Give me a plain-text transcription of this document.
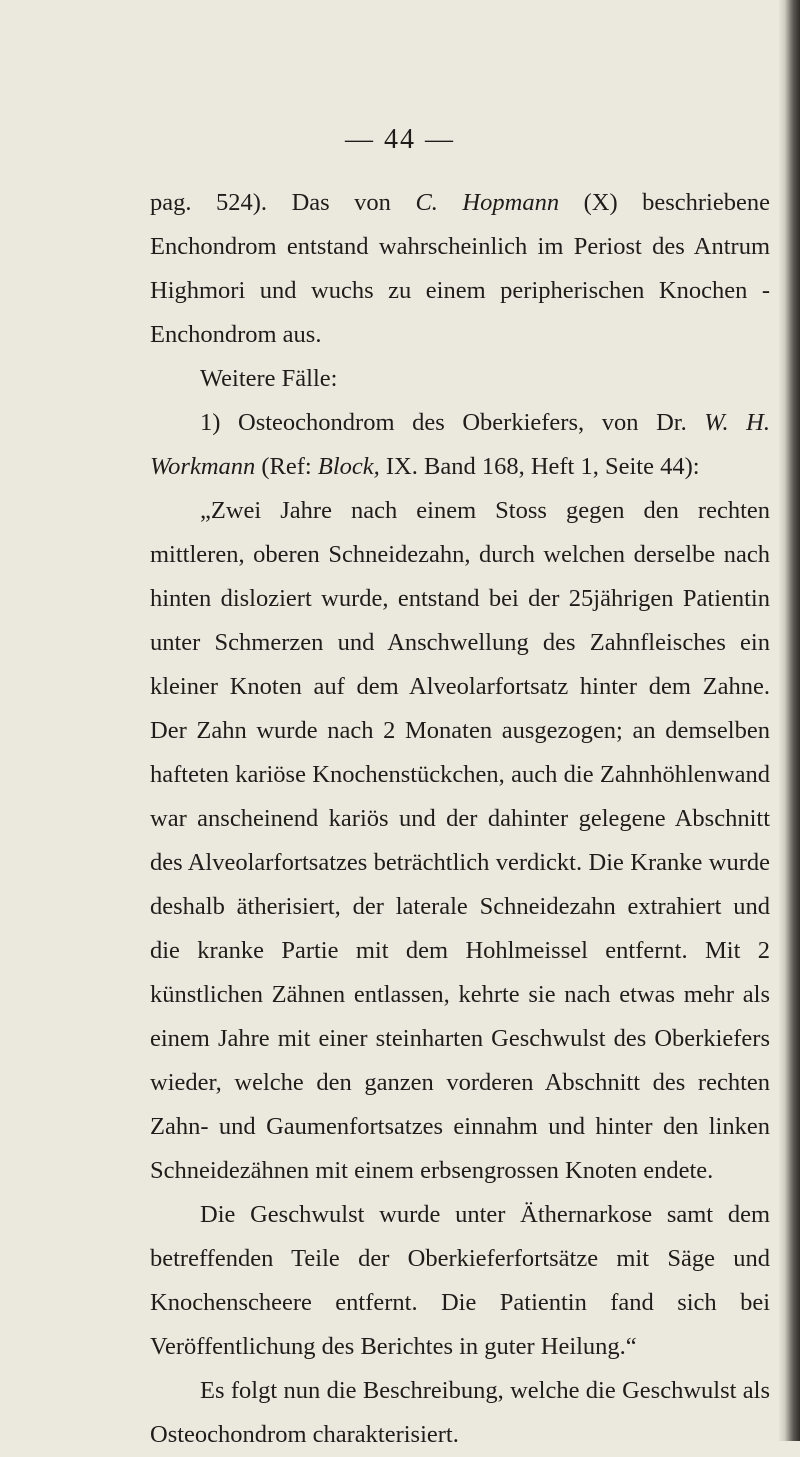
— 44 —

pag. 524). Das von C. Hopmann (X) beschriebene Enchondrom entstand wahrscheinlich im Periost des Antrum Highmori und wuchs zu einem peripherischen Knochen - Enchondrom aus.

Weitere Fälle:

1) Osteochondrom des Oberkiefers, von Dr. W. H. Workmann (Ref: Block, IX. Band 168, Heft 1, Seite 44):

„Zwei Jahre nach einem Stoss gegen den rechten mittleren, oberen Schneidezahn, durch welchen derselbe nach hinten disloziert wurde, entstand bei der 25jährigen Patientin unter Schmerzen und Anschwellung des Zahnfleisches ein kleiner Knoten auf dem Alveolarfortsatz hinter dem Zahne. Der Zahn wurde nach 2 Monaten ausgezogen; an demselben hafteten kariöse Knochenstückchen, auch die Zahnhöhlenwand war anscheinend kariös und der dahinter gelegene Abschnitt des Alveolarfortsatzes beträchtlich verdickt. Die Kranke wurde deshalb ätherisiert, der laterale Schneidezahn extrahiert und die kranke Partie mit dem Hohlmeissel entfernt. Mit 2 künstlichen Zähnen entlassen, kehrte sie nach etwas mehr als einem Jahre mit einer steinharten Geschwulst des Oberkiefers wieder, welche den ganzen vorderen Abschnitt des rechten Zahn- und Gaumenfortsatzes einnahm und hinter den linken Schneidezähnen mit einem erbsengrossen Knoten endete.

Die Geschwulst wurde unter Äthernarkose samt dem betreffenden Teile der Oberkieferfortsätze mit Säge und Knochenscheere entfernt. Die Patientin fand sich bei Veröffentlichung des Berichtes in guter Heilung.“

Es folgt nun die Beschreibung, welche die Geschwulst als Osteochondrom charakterisiert.
